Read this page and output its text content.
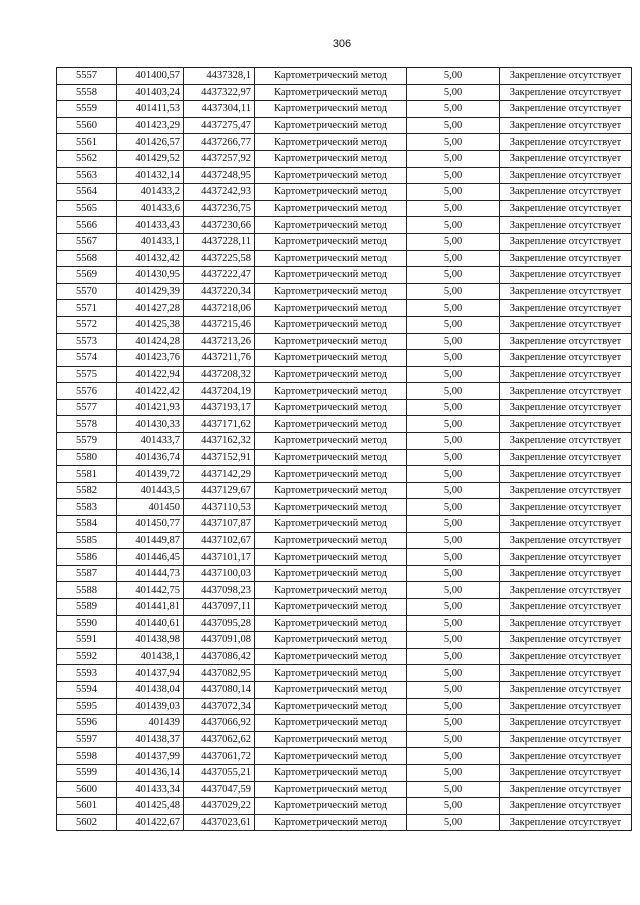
306
5557	401400,57	4437328,1	Картометрический метод	5,00	Закрепление отсутствует
5558	401403,24	4437322,97	Картометрический метод	5,00	Закрепление отсутствует
5559	401411,53	4437304,11	Картометрический метод	5,00	Закрепление отсутствует
5560	401423,29	4437275,47	Картометрический метод	5,00	Закрепление отсутствует
5561	401426,57	4437266,77	Картометрический метод	5,00	Закрепление отсутствует
5562	401429,52	4437257,92	Картометрический метод	5,00	Закрепление отсутствует
5563	401432,14	4437248,95	Картометрический метод	5,00	Закрепление отсутствует
5564	401433,2	4437242,93	Картометрический метод	5,00	Закрепление отсутствует
5565	401433,6	4437236,75	Картометрический метод	5,00	Закрепление отсутствует
5566	401433,43	4437230,66	Картометрический метод	5,00	Закрепление отсутствует
5567	401433,1	4437228,11	Картометрический метод	5,00	Закрепление отсутствует
5568	401432,42	4437225,58	Картометрический метод	5,00	Закрепление отсутствует
5569	401430,95	4437222,47	Картометрический метод	5,00	Закрепление отсутствует
5570	401429,39	4437220,34	Картометрический метод	5,00	Закрепление отсутствует
5571	401427,28	4437218,06	Картометрический метод	5,00	Закрепление отсутствует
5572	401425,38	4437215,46	Картометрический метод	5,00	Закрепление отсутствует
5573	401424,28	4437213,26	Картометрический метод	5,00	Закрепление отсутствует
5574	401423,76	4437211,76	Картометрический метод	5,00	Закрепление отсутствует
5575	401422,94	4437208,32	Картометрический метод	5,00	Закрепление отсутствует
5576	401422,42	4437204,19	Картометрический метод	5,00	Закрепление отсутствует
5577	401421,93	4437193,17	Картометрический метод	5,00	Закрепление отсутствует
5578	401430,33	4437171,62	Картометрический метод	5,00	Закрепление отсутствует
5579	401433,7	4437162,32	Картометрический метод	5,00	Закрепление отсутствует
5580	401436,74	4437152,91	Картометрический метод	5,00	Закрепление отсутствует
5581	401439,72	4437142,29	Картометрический метод	5,00	Закрепление отсутствует
5582	401443,5	4437129,67	Картометрический метод	5,00	Закрепление отсутствует
5583	401450	4437110,53	Картометрический метод	5,00	Закрепление отсутствует
5584	401450,77	4437107,87	Картометрический метод	5,00	Закрепление отсутствует
5585	401449,87	4437102,67	Картометрический метод	5,00	Закрепление отсутствует
5586	401446,45	4437101,17	Картометрический метод	5,00	Закрепление отсутствует
5587	401444,73	4437100,03	Картометрический метод	5,00	Закрепление отсутствует
5588	401442,75	4437098,23	Картометрический метод	5,00	Закрепление отсутствует
5589	401441,81	4437097,11	Картометрический метод	5,00	Закрепление отсутствует
5590	401440,61	4437095,28	Картометрический метод	5,00	Закрепление отсутствует
5591	401438,98	4437091,08	Картометрический метод	5,00	Закрепление отсутствует
5592	401438,1	4437086,42	Картометрический метод	5,00	Закрепление отсутствует
5593	401437,94	4437082,95	Картометрический метод	5,00	Закрепление отсутствует
5594	401438,04	4437080,14	Картометрический метод	5,00	Закрепление отсутствует
5595	401439,03	4437072,34	Картометрический метод	5,00	Закрепление отсутствует
5596	401439	4437066,92	Картометрический метод	5,00	Закрепление отсутствует
5597	401438,37	4437062,62	Картометрический метод	5,00	Закрепление отсутствует
5598	401437,99	4437061,72	Картометрический метод	5,00	Закрепление отсутствует
5599	401436,14	4437055,21	Картометрический метод	5,00	Закрепление отсутствует
5600	401433,34	4437047,59	Картометрический метод	5,00	Закрепление отсутствует
5601	401425,48	4437029,22	Картометрический метод	5,00	Закрепление отсутствует
5602	401422,67	4437023,61	Картометрический метод	5,00	Закрепление отсутствует
